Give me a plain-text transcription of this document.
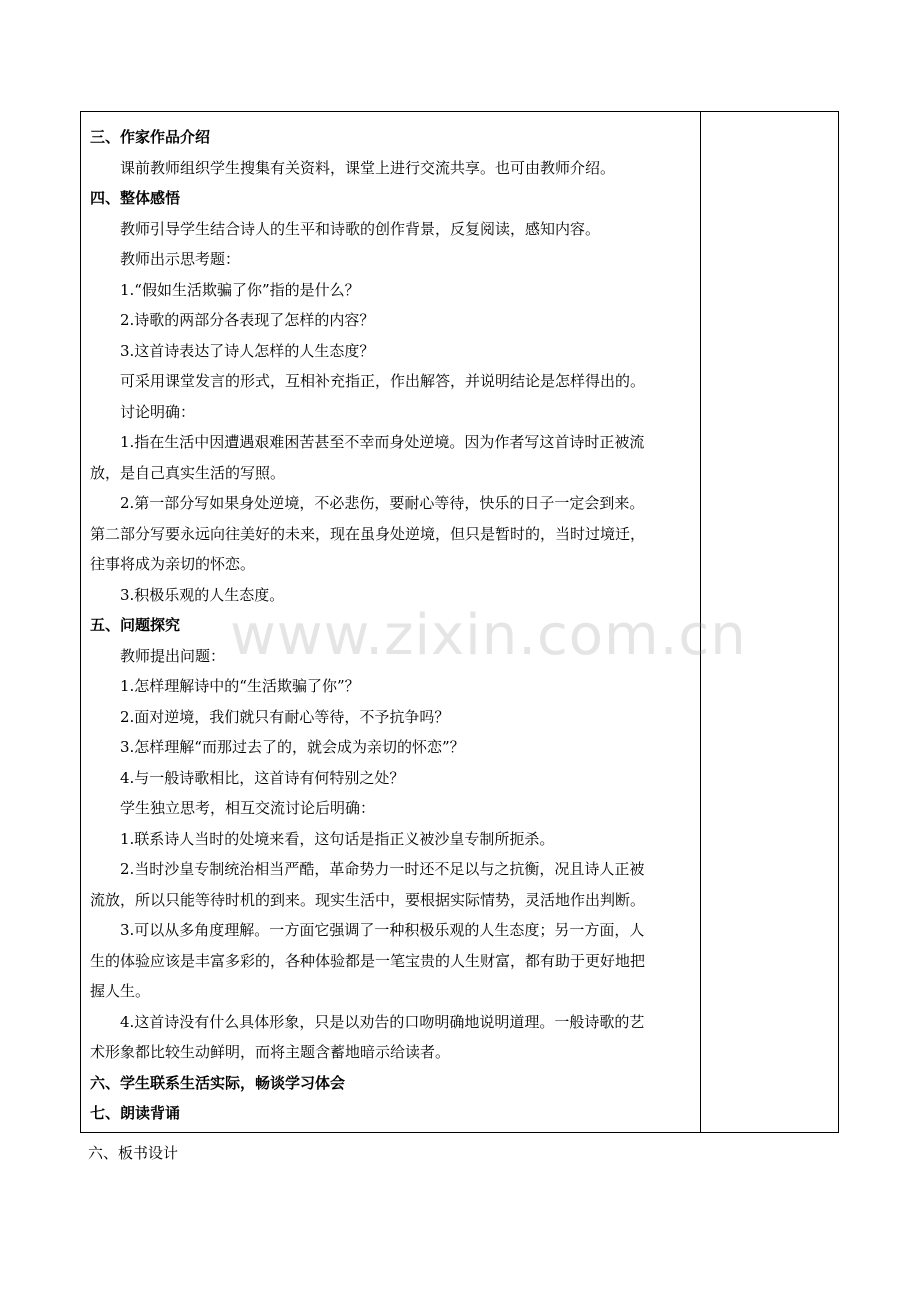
三、作家作品介绍
课前教师组织学生搜集有关资料，课堂上进行交流共享。也可由教师介绍。
四、整体感悟
教师引导学生结合诗人的生平和诗歌的创作背景，反复阅读，感知内容。
教师出示思考题：
1.“假如生活欺骗了你”指的是什么？
2.诗歌的两部分各表现了怎样的内容？
3.这首诗表达了诗人怎样的人生态度？
可采用课堂发言的形式，互相补充指正，作出解答，并说明结论是怎样得出的。
讨论明确：
1.指在生活中因遭遇艰难困苦甚至不幸而身处逆境。因为作者写这首诗时正被流
放，是自己真实生活的写照。
2.第一部分写如果身处逆境，不必悲伤，要耐心等待，快乐的日子一定会到来。
第二部分写要永远向往美好的未来，现在虽身处逆境，但只是暂时的，当时过境迁，
往事将成为亲切的怀恋。
3.积极乐观的人生态度。
五、问题探究
教师提出问题：
1.怎样理解诗中的“生活欺骗了你”？
2.面对逆境，我们就只有耐心等待，不予抗争吗？
3.怎样理解“而那过去了的，就会成为亲切的怀恋”？
4.与一般诗歌相比，这首诗有何特别之处？
学生独立思考，相互交流讨论后明确：
1.联系诗人当时的处境来看，这句话是指正义被沙皇专制所扼杀。
2.当时沙皇专制统治相当严酷，革命势力一时还不足以与之抗衡，况且诗人正被
流放，所以只能等待时机的到来。现实生活中，要根据实际情势，灵活地作出判断。
3.可以从多角度理解。一方面它强调了一种积极乐观的人生态度；另一方面，人
生的体验应该是丰富多彩的，各种体验都是一笔宝贵的人生财富，都有助于更好地把
握人生。
4.这首诗没有什么具体形象，只是以劝告的口吻明确地说明道理。一般诗歌的艺
术形象都比较生动鲜明，而将主题含蓄地暗示给读者。
六、学生联系生活实际，畅谈学习体会
七、朗读背诵
六、板书设计
www.zixin.com.cn
